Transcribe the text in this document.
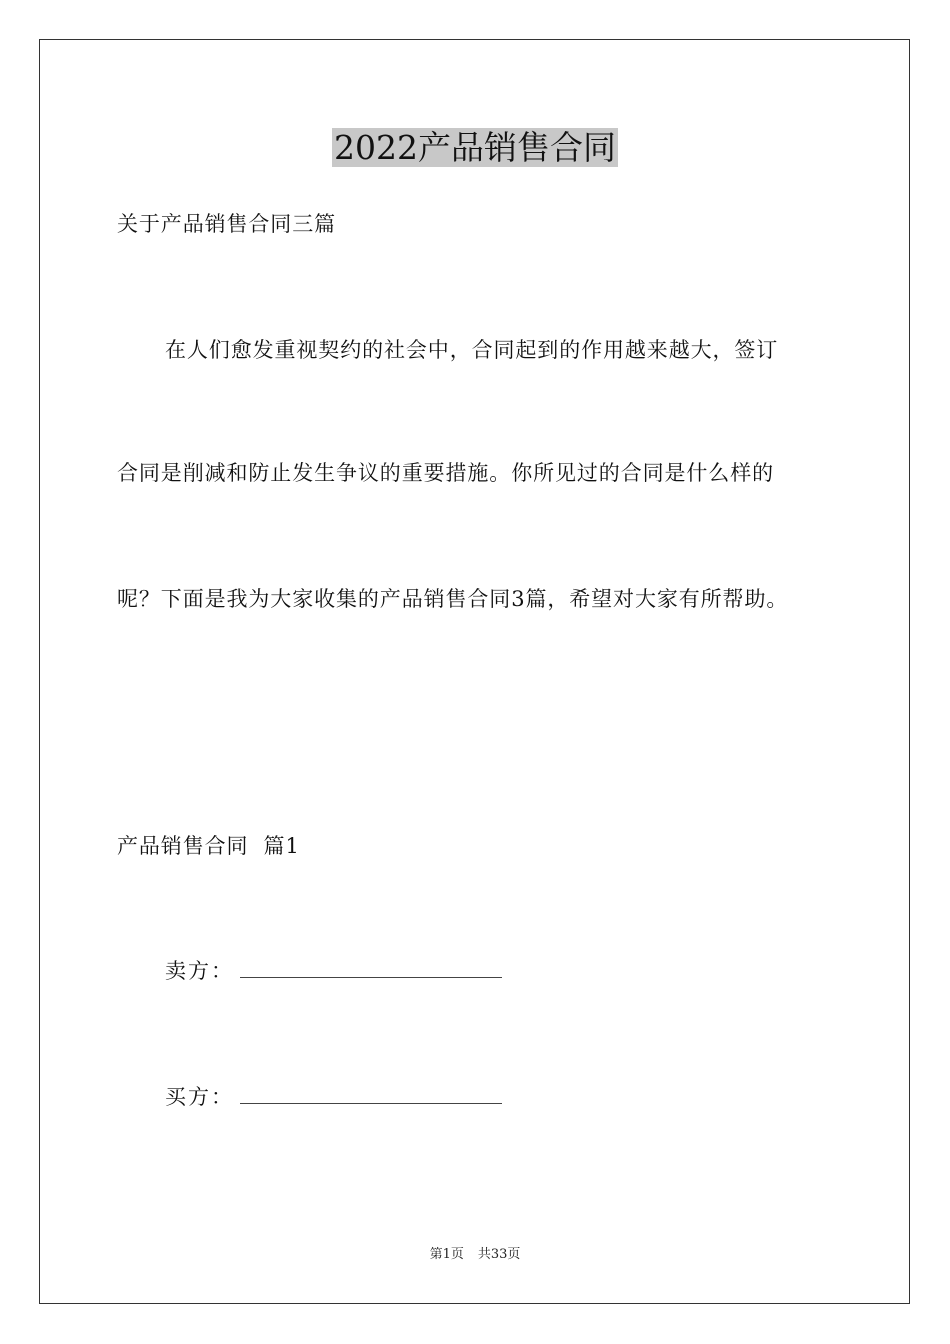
2022产品销售合同

关于产品销售合同三篇

在人们愈发重视契约的社会中，合同起到的作用越来越大，签订

合同是削减和防止发生争议的重要措施。你所见过的合同是什么样的

呢？下面是我为大家收集的产品销售合同3篇，希望对大家有所帮助。

产品销售合同  篇1

卖方：
买方：
第1页 共33页
